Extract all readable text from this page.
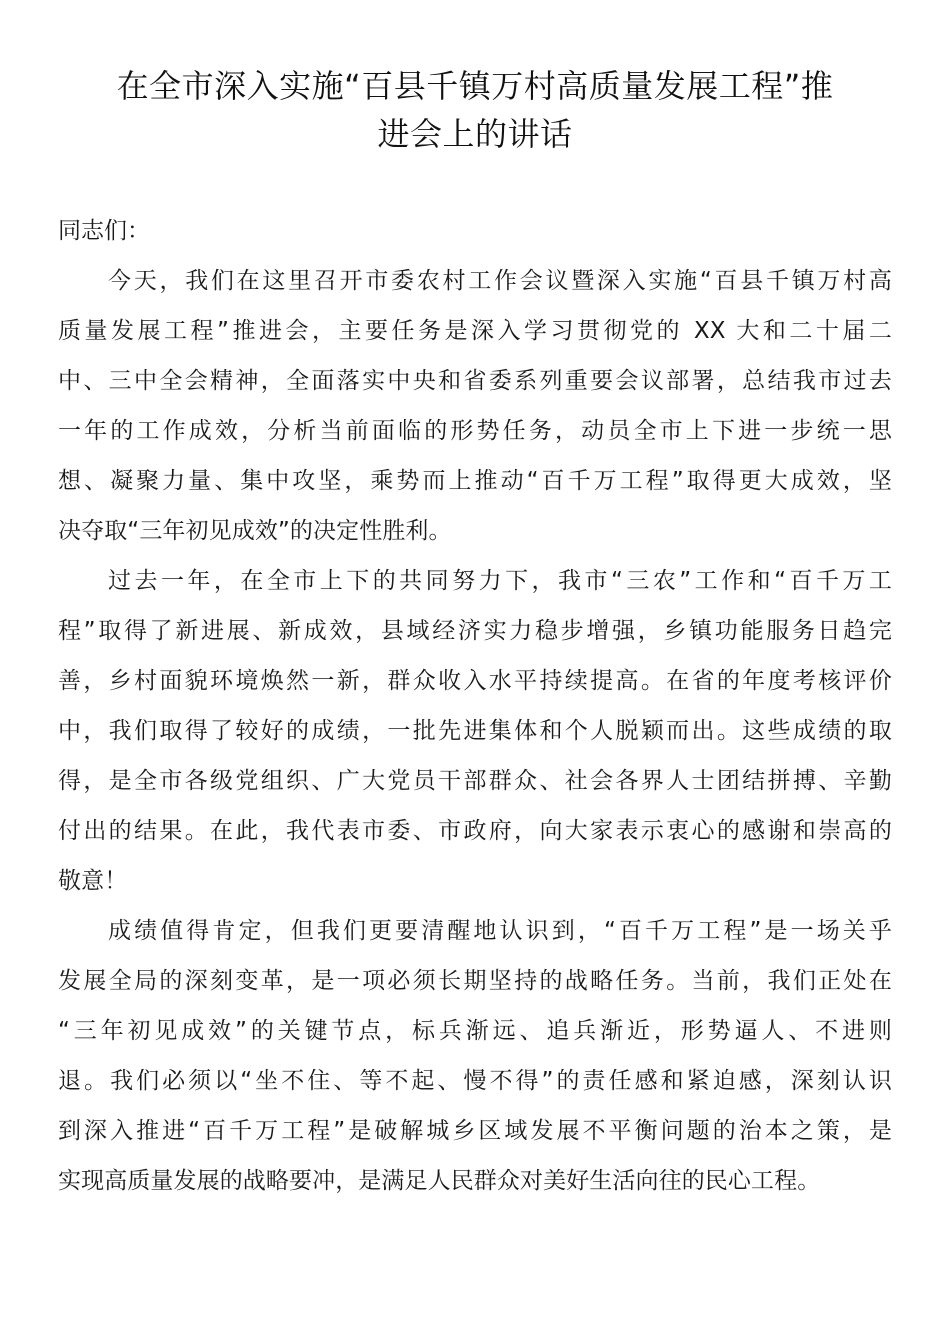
在全市深入实施“百县千镇万村高质量发展工程”推
进会上的讲话
同志们：
今天，我们在这里召开市委农村工作会议暨深入实施“百县千镇万村高
质量发展工程”推进会，主要任务是深入学习贯彻党的 XX 大和二十届二
中、三中全会精神，全面落实中央和省委系列重要会议部署，总结我市过去
一年的工作成效，分析当前面临的形势任务，动员全市上下进一步统一思
想、凝聚力量、集中攻坚，乘势而上推动“百千万工程”取得更大成效，坚
决夺取“三年初见成效”的决定性胜利。
过去一年，在全市上下的共同努力下，我市“三农”工作和“百千万工
程”取得了新进展、新成效，县域经济实力稳步增强，乡镇功能服务日趋完
善，乡村面貌环境焕然一新，群众收入水平持续提高。在省的年度考核评价
中，我们取得了较好的成绩，一批先进集体和个人脱颖而出。这些成绩的取
得，是全市各级党组织、广大党员干部群众、社会各界人士团结拼搏、辛勤
付出的结果。在此，我代表市委、市政府，向大家表示衷心的感谢和崇高的
敬意！
成绩值得肯定，但我们更要清醒地认识到，“百千万工程”是一场关乎
发展全局的深刻变革，是一项必须长期坚持的战略任务。当前，我们正处在
“三年初见成效”的关键节点，标兵渐远、追兵渐近，形势逼人、不进则
退。我们必须以“坐不住、等不起、慢不得”的责任感和紧迫感，深刻认识
到深入推进“百千万工程”是破解城乡区域发展不平衡问题的治本之策，是
实现高质量发展的战略要冲，是满足人民群众对美好生活向往的民心工程。
